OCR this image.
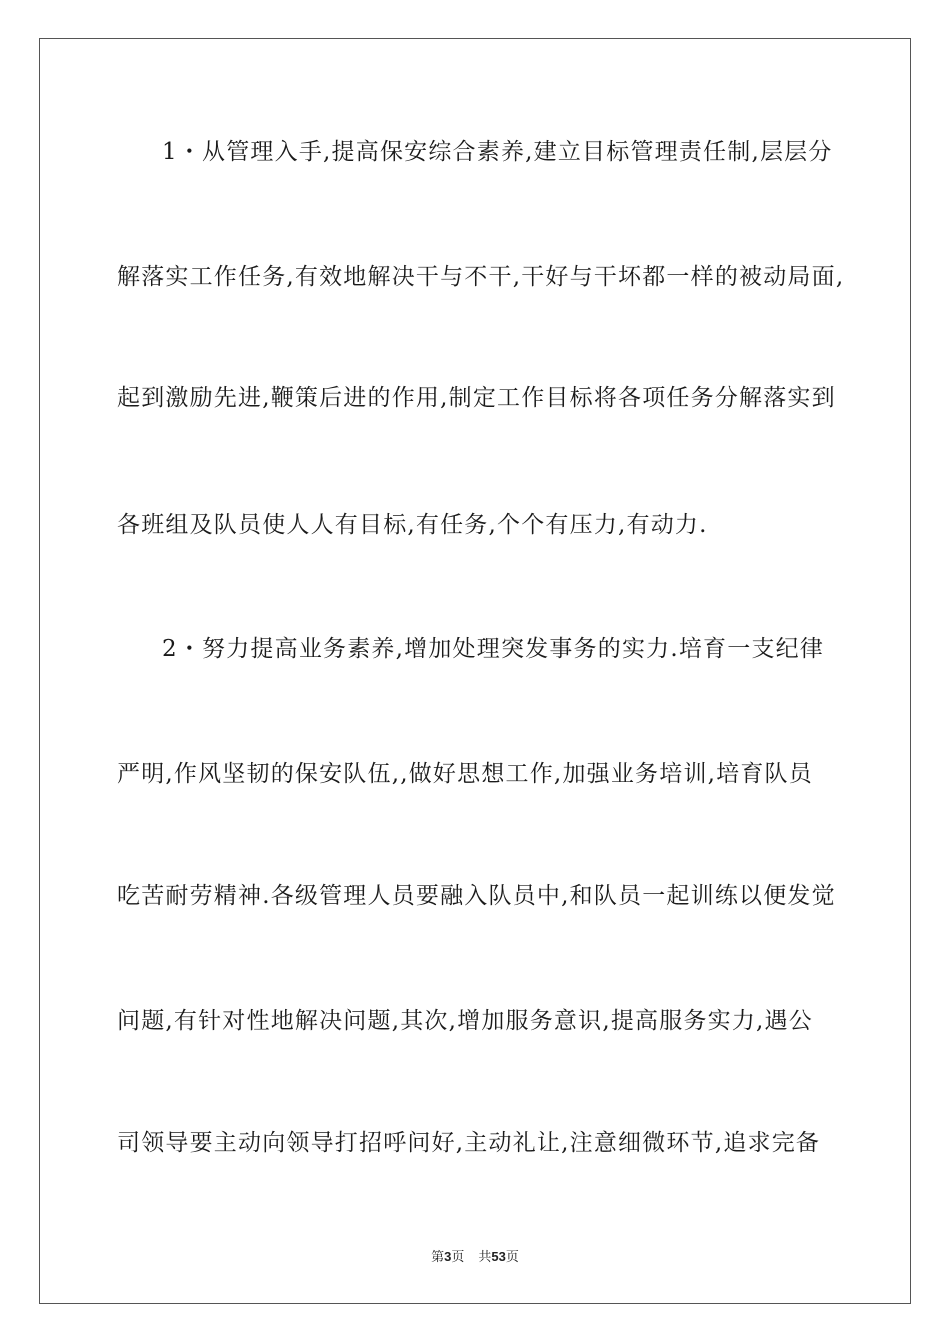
1・从管理入手,提高保安综合素养,建立目标管理责任制,层层分
解落实工作任务,有效地解决干与不干,干好与干坏都一样的被动局面,
起到激励先进,鞭策后进的作用,制定工作目标将各项任务分解落实到
各班组及队员使人人有目标,有任务,个个有压力,有动力.
2・努力提高业务素养,增加处理突发事务的实力.培育一支纪律
严明,作风坚韧的保安队伍,,做好思想工作,加强业务培训,培育队员
吃苦耐劳精神.各级管理人员要融入队员中,和队员一起训练以便发觉
问题,有针对性地解决问题,其次,增加服务意识,提高服务实力,遇公
司领导要主动向领导打招呼问好,主动礼让,注意细微环节,追求完备
第3页 共53页
